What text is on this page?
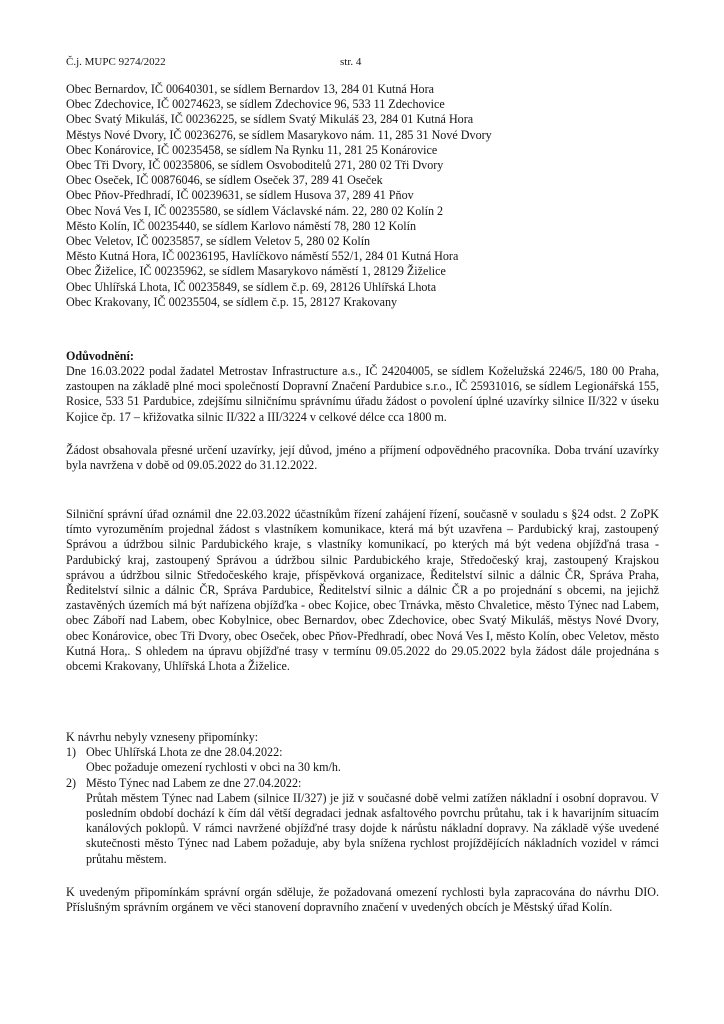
Č.j. MUPC 9274/2022	str. 4
Obec Bernardov, IČ 00640301, se sídlem Bernardov 13, 284 01 Kutná Hora
Obec Zdechovice, IČ 00274623, se sídlem Zdechovice 96, 533 11 Zdechovice
Obec Svatý Mikuláš, IČ 00236225, se sídlem Svatý Mikuláš 23, 284 01 Kutná Hora
Městys Nové Dvory, IČ 00236276, se sídlem Masarykovo nám. 11, 285 31 Nové Dvory
Obec Konárovice, IČ 00235458, se sídlem Na Rynku 11, 281 25 Konárovice
Obec Tři Dvory, IČ 00235806, se sídlem Osvoboditelů 271, 280 02 Tři Dvory
Obec Oseček, IČ 00876046, se sídlem Oseček 37, 289 41 Oseček
Obec Pňov-Předhradí, IČ 00239631, se sídlem Husova 37, 289 41 Pňov
Obec Nová Ves I, IČ 00235580, se sídlem Václavské nám. 22, 280 02 Kolín 2
Město Kolín, IČ 00235440, se sídlem Karlovo náměstí 78, 280 12 Kolín
Obec Veletov, IČ 00235857, se sídlem Veletov 5, 280 02 Kolín
Město Kutná Hora, IČ 00236195, Havlíčkovo náměstí 552/1, 284 01 Kutná Hora
Obec Žiželice, IČ 00235962, se sídlem Masarykovo náměstí 1, 28129 Žiželice
Obec Uhlířská Lhota, IČ 00235849, se sídlem č.p. 69, 28126 Uhlířská Lhota
Obec Krakovany, IČ 00235504, se sídlem č.p. 15, 28127 Krakovany
Odůvodnění:
Dne 16.03.2022 podal žadatel Metrostav Infrastructure a.s., IČ 24204005, se sídlem Koželužská 2246/5, 180 00 Praha, zastoupen na základě plné moci společností Dopravní Značení Pardubice s.r.o., IČ 25931016, se sídlem Legionářská 155, Rosice, 533 51 Pardubice, zdejšímu silničnímu správnímu úřadu žádost o povolení úplné uzavírky silnice II/322 v úseku Kojice čp. 17 – křižovatka silnic II/322 a III/3224 v celkové délce cca 1800 m.
Žádost obsahovala přesné určení uzavírky, její důvod, jméno a příjmení odpovědného pracovníka. Doba trvání uzavírky byla navržena v době od 09.05.2022 do 31.12.2022.
Silniční správní úřad oznámil dne 22.03.2022 účastníkům řízení zahájení řízení, současně v souladu s §24 odst. 2 ZoPK tímto vyrozuměním projednal žádost s vlastníkem komunikace, která má být uzavřena – Pardubický kraj, zastoupený Správou a údržbou silnic Pardubického kraje, s vlastníky komunikací, po kterých má být vedena objížďná trasa - Pardubický kraj, zastoupený Správou a údržbou silnic Pardubického kraje, Středočeský kraj, zastoupený Krajskou správou a údržbou silnic Středočeského kraje, příspěvková organizace, Ředitelství silnic a dálnic ČR, Správa Praha, Ředitelství silnic a dálnic ČR, Správa Pardubice, Ředitelství silnic a dálnic ČR a po projednání s obcemi, na jejichž zastavěných územích má být nařízena objížďka - obec Kojice, obec Trnávka, město Chvaletice, město Týnec nad Labem, obec Záboří nad Labem, obec Kobylnice, obec Bernardov, obec Zdechovice, obec Svatý Mikuláš, městys Nové Dvory, obec Konárovice, obec Tři Dvory, obec Oseček, obec Pňov-Předhradí, obec Nová Ves I, město Kolín, obec Veletov, město Kutná Hora,. S ohledem na úpravu objížďné trasy v termínu 09.05.2022 do 29.05.2022 byla žádost dále projednána s obcemi Krakovany, Uhlířská Lhota a Žiželice.
K návrhu nebyly vzneseny připomínky:
1) Obec Uhlířská Lhota ze dne 28.04.2022:
Obec požaduje omezení rychlosti v obci na 30 km/h.
2) Město Týnec nad Labem ze dne 27.04.2022:
Průtah městem Týnec nad Labem (silnice II/327) je již v současné době velmi zatížen nákladní i osobní dopravou. V posledním období dochází k čím dál větší degradaci jednak asfaltového povrchu průtahu, tak i k havarijním situacím kanálových poklopů. V rámci navržené objížďné trasy dojde k nárůstu nákladní dopravy. Na základě výše uvedené skutečnosti město Týnec nad Labem požaduje, aby byla snížena rychlost projíždějících nákladních vozidel v rámci průtahu městem.
K uvedeným připomínkám správní orgán sděluje, že požadovaná omezení rychlosti byla zapracována do návrhu DIO. Příslušným správním orgánem ve věci stanovení dopravního značení v uvedených obcích je Městský úřad Kolín.
